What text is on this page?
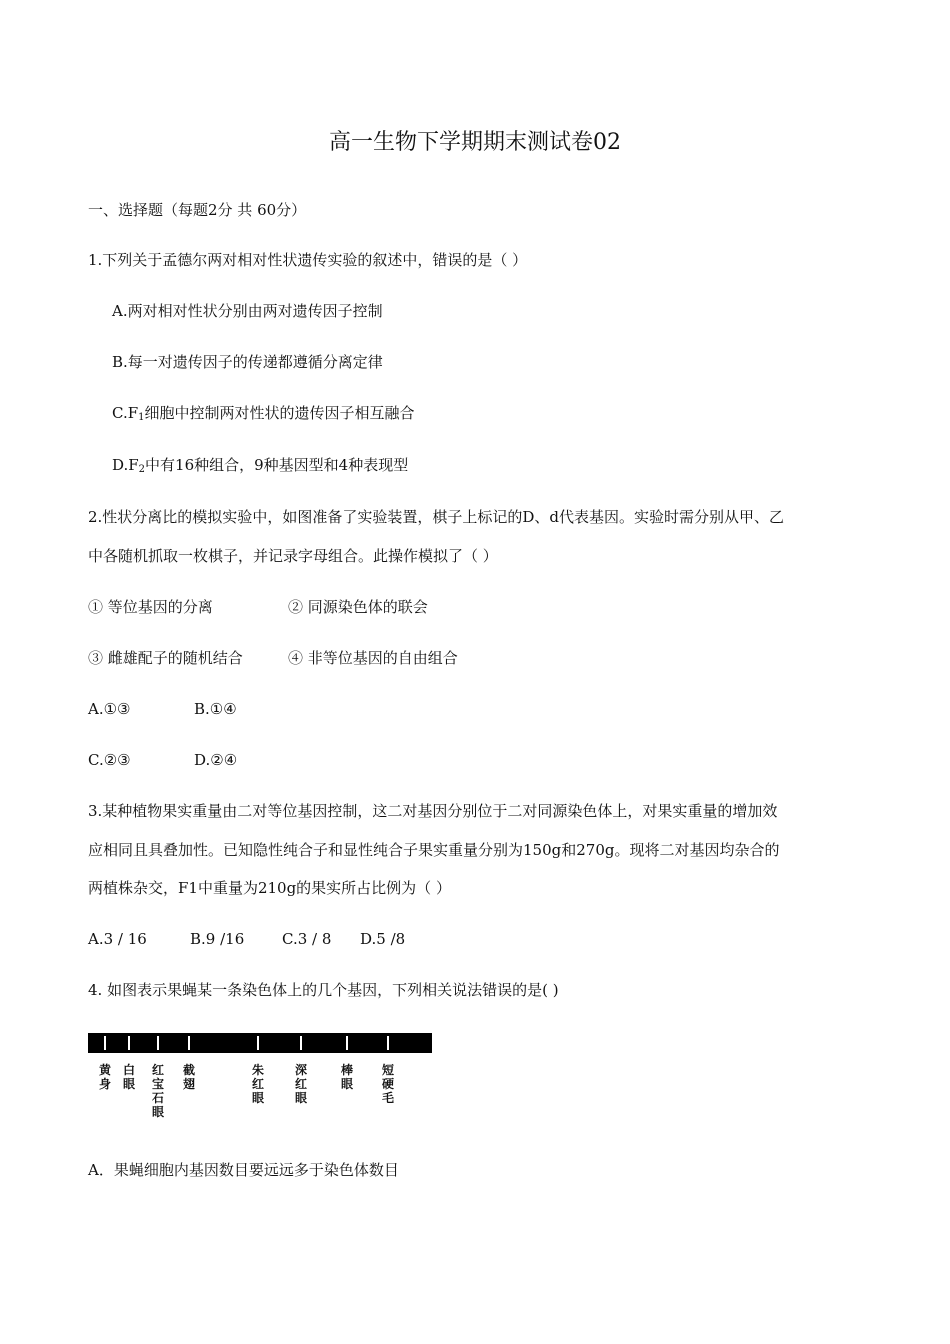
高一生物下学期期末测试卷02
一、选择题（每题2分 共 60分）
1.下列关于孟德尔两对相对性状遗传实验的叙述中，错误的是（ ）
A.两对相对性状分别由两对遗传因子控制
B.每一对遗传因子的传递都遵循分离定律
$C.F_1$细胞中控制两对性状的遗传因子相互融合
$D.F_2$中有16种组合，9种基因型和4种表现型
2.性状分离比的模拟实验中，如图准备了实验装置，棋子上标记的D、d代表基因。实验时需分别从甲、乙
中各随机抓取一枚棋子，并记录字母组合。此操作模拟了（ ）
① 等位基因的分离	② 同源染色体的联会
③ 雌雄配子的随机结合	④ 非等位基因的自由组合
A.①③	B.①④
C.②③	D.②④
3.某种植物果实重量由二对等位基因控制，这二对基因分别位于二对同源染色体上，对果实重量的增加效
应相同且具叠加性。已知隐性纯合子和显性纯合子果实重量分别为150g和270g。现将二对基因均杂合的
两植株杂交，F1中重量为210g的果实所占比例为（ ）
A.3 / 16	B.9 /16	C.3 / 8 D.5 /8
4. 如图表示果蝇某一条染色体上的几个基因，下列相关说法错误的是( )
黄身
白眼
红宝石眼
截翅
朱红眼
深红眼
棒眼
短硬毛
A．果蝇细胞内基因数目要远远多于染色体数目
